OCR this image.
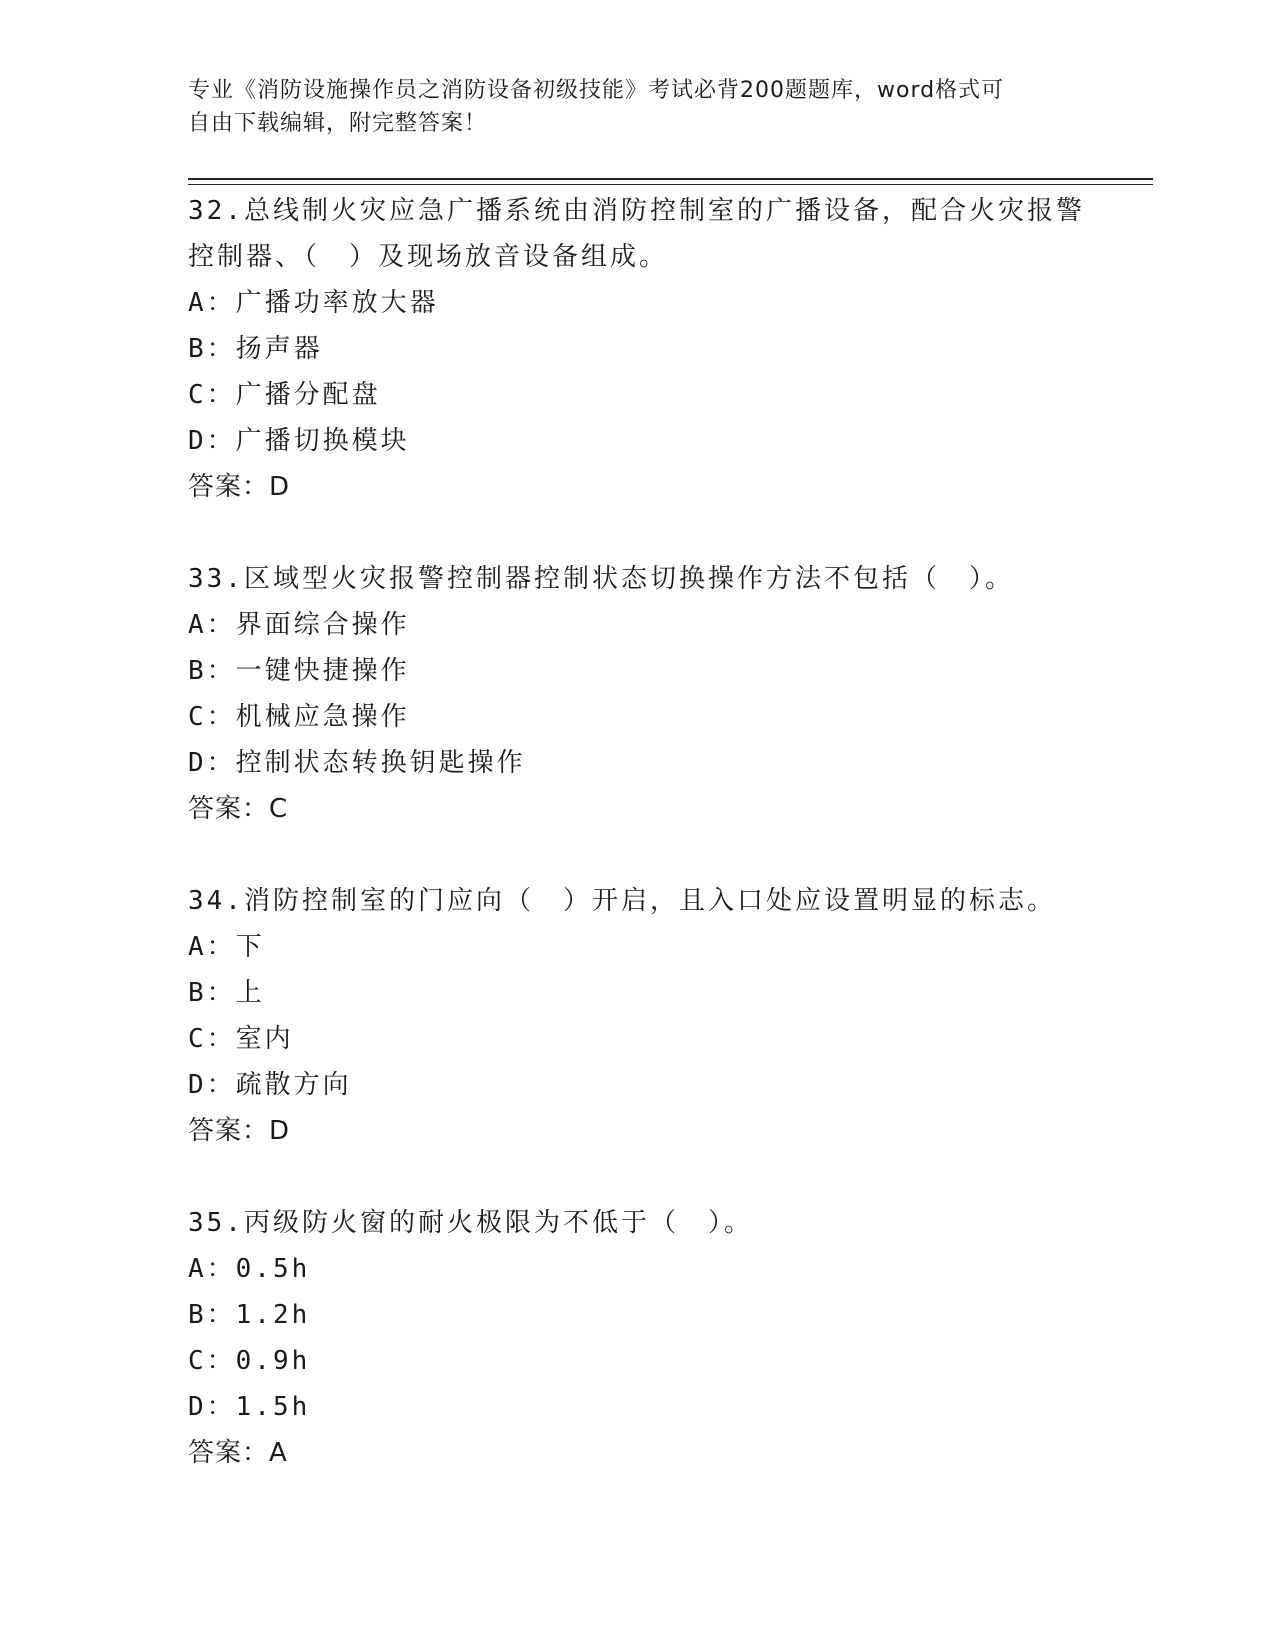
专业《消防设施操作员之消防设备初级技能》考试必背200题题库，word格式可
自由下载编辑，附完整答案！
32.总线制火灾应急广播系统由消防控制室的广播设备，配合火灾报警
控制器、（　）及现场放音设备组成。
A：广播功率放大器
B：扬声器
C：广播分配盘
D：广播切换模块
答案：D
33.区域型火灾报警控制器控制状态切换操作方法不包括（　）。
A：界面综合操作
B：一键快捷操作
C：机械应急操作
D：控制状态转换钥匙操作
答案：C
34.消防控制室的门应向（　）开启，且入口处应设置明显的标志。
A：下
B：上
C：室内
D：疏散方向
答案：D
35.丙级防火窗的耐火极限为不低于（　）。
A：0.5h
B：1.2h
C：0.9h
D：1.5h
答案：A
